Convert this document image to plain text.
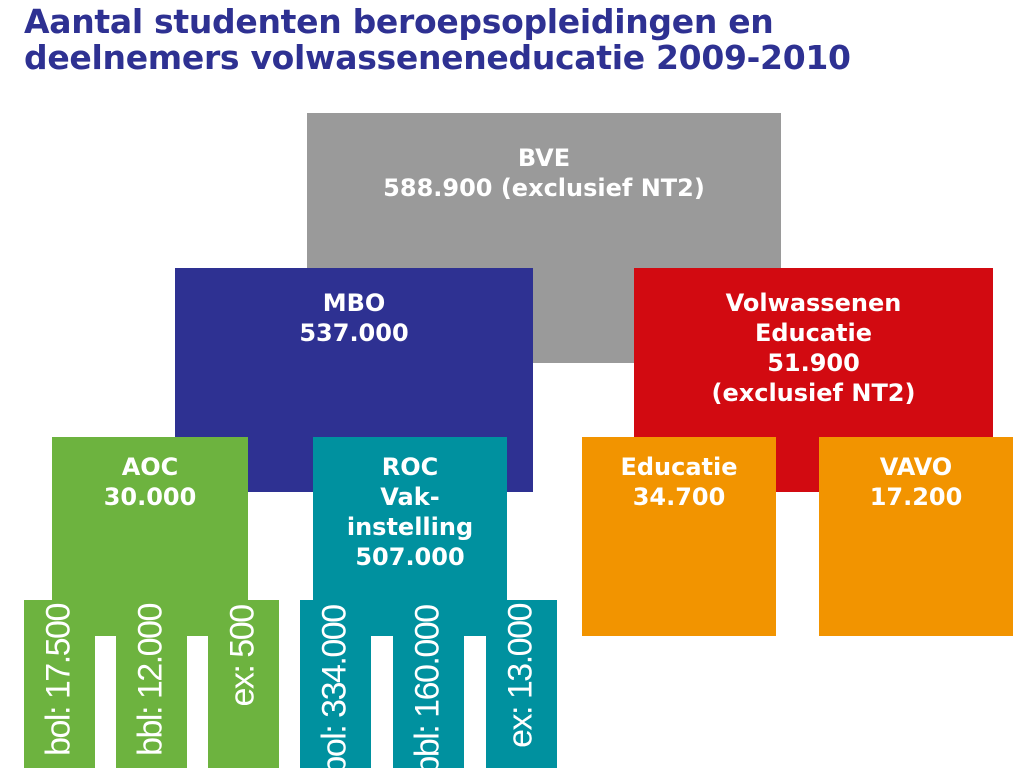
Aantal studenten beroepsopleidingen en
deelnemers volwasseneneducatie 2009-2010
BVE
588.900 (exclusief NT2)
MBO
537.000
Volwassenen
Educatie
51.900
(exclusief NT2)
AOC
30.000
bol: 17.500 bbl: 12.000 ex: 500
ROC
Vak-
instelling
507.000
bol: 334.000 bbl: 160.000 ex: 13.000
Educatie
34.700
VAVO
17.200
